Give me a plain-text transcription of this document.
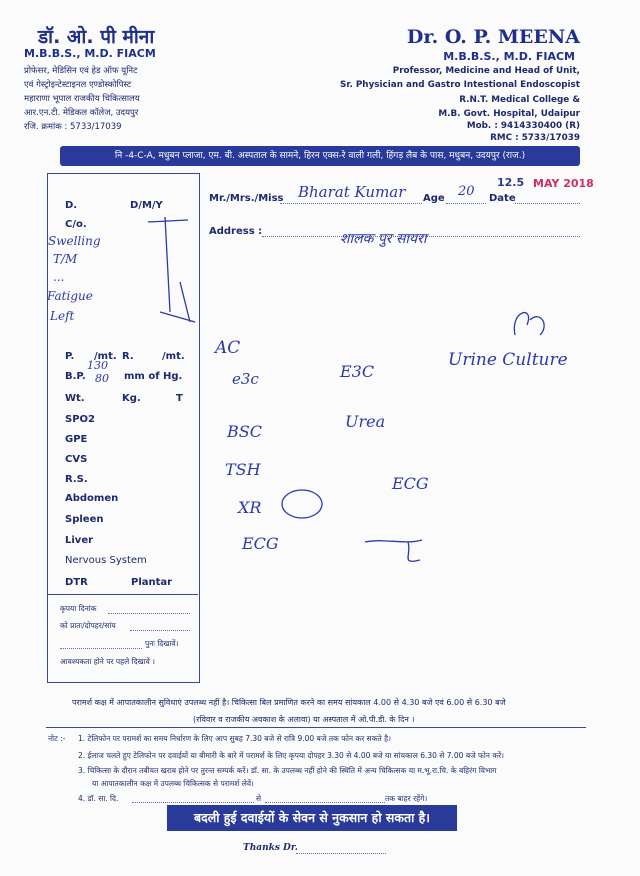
डॉ. ओ. पी मीना
M.B.B.S., M.D. FIACM
प्रोफेसर, मेडिसिन एवं हेड ऑफ यूनिट
एवं गेस्ट्रोइन्टेस्टाइनल एण्डोस्कोपिस्ट
महाराणा भूपाल राजकीय चिकित्सालय
आर.एन.टी. मेडिकल कॉलेज, उदयपुर
रजि. क्रमांक : 5733/17039
Dr. O. P. MEENA
M.B.B.S., M.D. FIACM
Professor, Medicine and Head of Unit,
Sr. Physician and Gastro Intestional Endoscopist
R.N.T. Medical College &
M.B. Govt. Hospital, Udaipur
Mob. : 9414330400 (R)
RMC : 5733/17039
नि -4-C-A, मधुबन प्लाजा, एम. बी. अस्पताल के सामने, हिरन एक्स-रे वाली गली, हिंगड़ लैब के पास, मधुबन, उदयपुर (राज.)
Mr./Mrs./Miss Bharat Kumar Age 20 Date
12.5 MAY 2018
Address :	शालक पुर सायरा
D.	D/M/Y
C/o.
Swelling
T/M
...
Fatigue
Left
P. /mt. R.	/mt.
B.P.
130
80 mm of Hg.
Wt.	Kg.	T
SPO2
GPE
CVS
R.S.
Abdomen
Spleen
Liver
Nervous System
DTR	Plantar
कृपया दिनांक
को प्रातः/दोपहर/सांय
पुनः दिखावें।
आवश्यकता होने पर पहले दिखावें ।
AC
e3c	E3C
Urine Culture
BSC
Urea
TSH
ECG
XR
ECG
परामर्श कक्ष में आपातकालीन सुविधाएं उपलब्ध नहीं है। चिकित्सा बिल प्रमाणित करने का समय सांयकाल 4.00 से 4.30 बजे एवं 6.00 से 6.30 बजे
(रविवार व राजकीय अवकाश के अलावा) या अस्पताल में ओ.पी.डी. के दिन ।
नोट :- 1. टेलिफोन पर परामर्श का समय निर्धारण के लिए आप सुबह 7.30 बजे से रात्रि 9.00 बजे तक फोन कर सकते है।
2. ईलाज चलते हुए टेलिफोन पर दवाईयों या बीमारी के बारे में परामर्श के लिए कृपया दोपहर 3.30 से 4.00 बजे या सांयकाल 6.30 से 7.00 बजे फोन करें।
3. चिकित्सा के दौरान तबीयत खराब होने पर तुरन्त सम्पर्क करें। डॉ. सा. के उपलब्ध नहीं होने की स्थिति में अन्य चिकित्सक या म.भू.रा.चि. के बहिरंग विभाग
या आपातकालीन कक्ष में उपलब्ध चिकित्सक से परामर्श लेवें।
4. डॉ. सा. दि.	से	तक बाहर रहेंगे।
बदली हुई दवाईयों के सेवन से नुकसान हो सकता है।
Thanks Dr.
